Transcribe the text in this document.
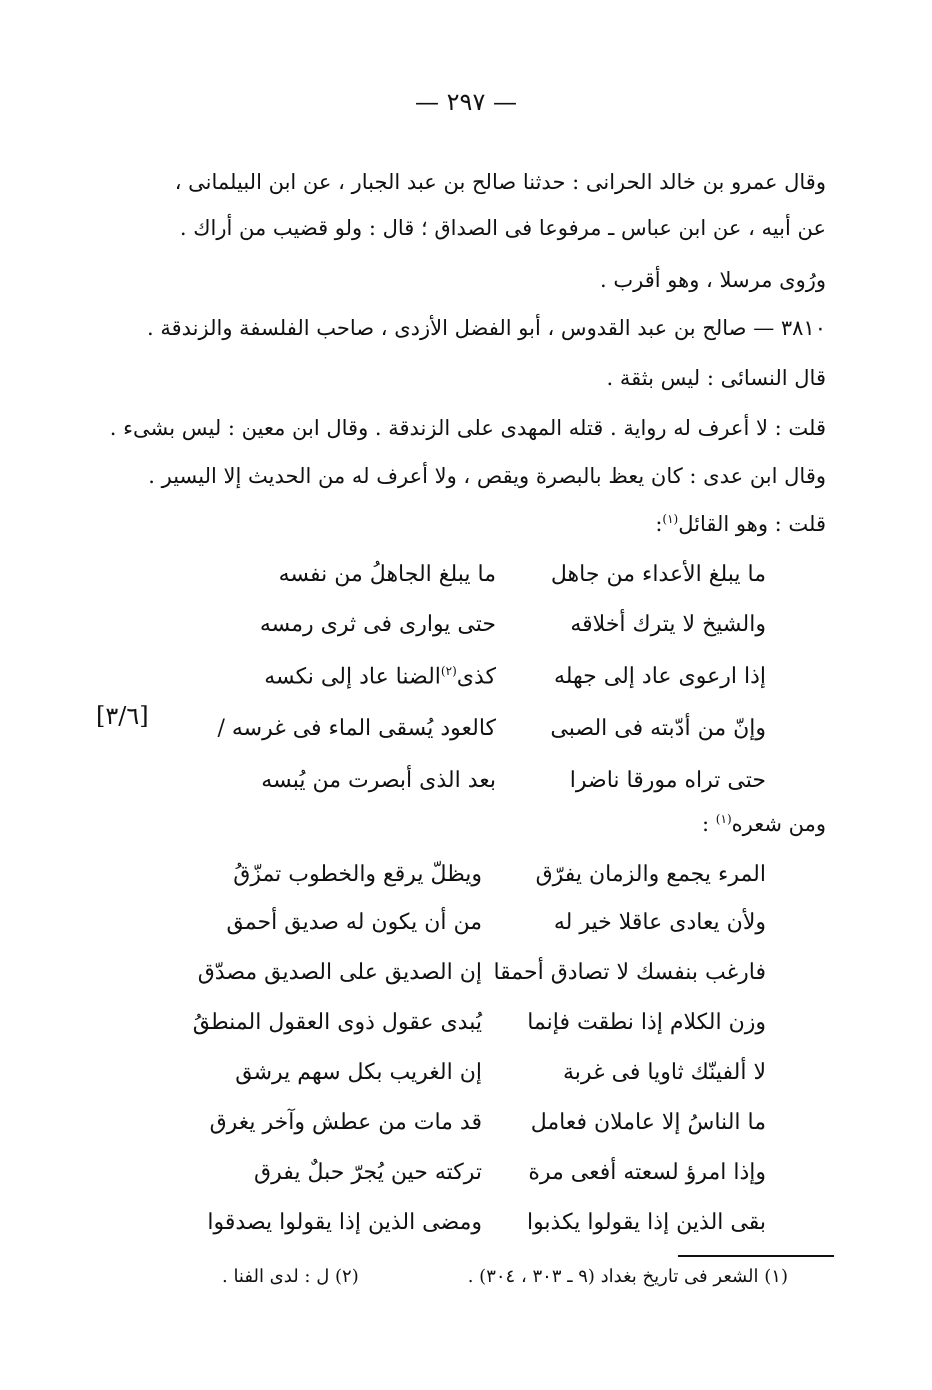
— ٢٩٧ —
وقال عمرو بن خالد الحرانى : حدثنا صالح بن عبد الجبار ، عن ابن البيلمانى ،
عن أبيه ، عن ابن عباس ـ مرفوعا فى الصداق ؛ قال : ولو قضيب من أراك .
ورُوى مرسلا ، وهو أقرب .
٣٨١٠ — صالح بن عبد القدوس ، أبو الفضل الأزدى ، صاحب الفلسفة والزندقة .
قال النسائى : ليس بثقة .
قلت : لا أعرف له رواية . قتله المهدى على الزندقة . وقال ابن معين : ليس بشىء .
وقال ابن عدى : كان يعظ بالبصرة ويقص ، ولا أعرف له من الحديث إلا اليسير .
قلت : وهو القائل$^{(١)}$:
ما يبلغ الأعداء من جاهل
ما يبلغ الجاهلُ من نفسه
والشيخ لا يترك أخلاقه
حتى يوارى فى ثرى رمسه
إذا ارعوى عاد إلى جهله
كذى$^{(٢)}$الضنا عاد إلى نكسه
وإنّ من أدّبته فى الصبى
كالعود يُسقى الماء فى غرسه /
حتى تراه مورقا ناضرا
بعد الذى أبصرت من يُبسه
[٣/٦]
ومن شعره$^{(١)}$ :
المرء يجمع والزمان يفرّق
ويظلّ يرقع والخطوب تمزّقُ
ولأن يعادى عاقلا خير له
من أن يكون له صديق أحمق
فارغب بنفسك لا تصادق أحمقا
إن الصديق على الصديق مصدّق
وزن الكلام إذا نطقت فإنما
يُبدى عقول ذوى العقول المنطقُ
لا ألفينّك ثاويا فى غربة
إن الغريب بكل سهم يرشق
ما الناسُ إلا عاملان فعامل
قد مات من عطش وآخر يغرق
وإذا امرؤ لسعته أفعى مرة
تركته حين يُجرّ حبلٌ يفرق
بقى الذين إذا يقولوا يكذبوا
ومضى الذين إذا يقولوا يصدقوا
(١) الشعر فى تاريخ بغداد (٩ ـ ٣٠٣ ، ٣٠٤) .
(٢) ل : لدى الفنا .
